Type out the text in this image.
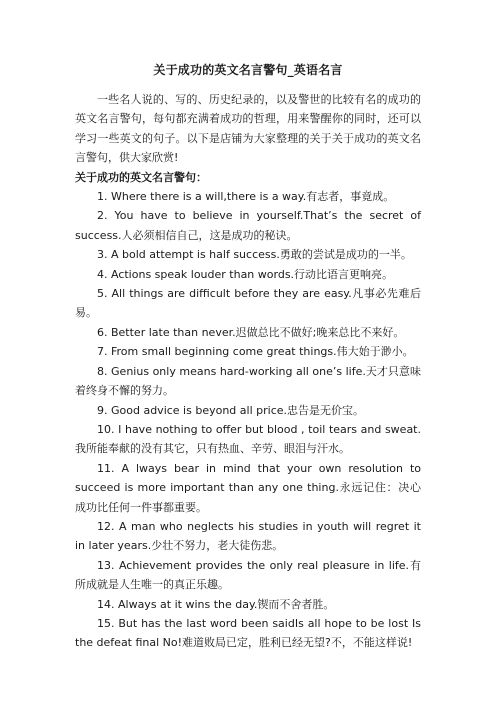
关于成功的英文名言警句_英语名言

一些名人说的、写的、历史纪录的，以及警世的比较有名的成功的英文名言警句，每句都充满着成功的哲理，用来警醒你的同时，还可以学习一些英文的句子。以下是店铺为大家整理的关于关于成功的英文名言警句，供大家欣赏!

关于成功的英文名言警句：

1. Where there is a will,there is a way.有志者，事竟成。
2. You have to believe in yourself.That’s the secret of success.人必须相信自己，这是成功的秘诀。
3. A bold attempt is half success.勇敢的尝试是成功的一半。
4. Actions speak louder than words.行动比语言更响亮。
5. All things are difficult before they are easy.凡事必先难后易。
6. Better late than never.迟做总比不做好;晚来总比不来好。
7. From small beginning come great things.伟大始于渺小。
8. Genius only means hard-working all one’s life.天才只意味着终身不懈的努力。
9. Good advice is beyond all price.忠告是无价宝。
10. I have nothing to offer but blood , toil tears and sweat. 我所能奉献的没有其它，只有热血、辛劳、眼泪与汗水。
11. A lways bear in mind that your own resolution to succeed is more important than any one thing.永远记住：决心成功比任何一件事都重要。
12. A man who neglects his studies in youth will regret it in later years.少壮不努力，老大徒伤悲。
13. Achievement provides the only real pleasure in life.有所成就是人生唯一的真正乐趣。
14. Always at it wins the day.锲而不舍者胜。
15. But has the last word been saidIs all hope to be lost Is the defeat final No!难道败局已定，胜利已经无望?不，不能这样说!
